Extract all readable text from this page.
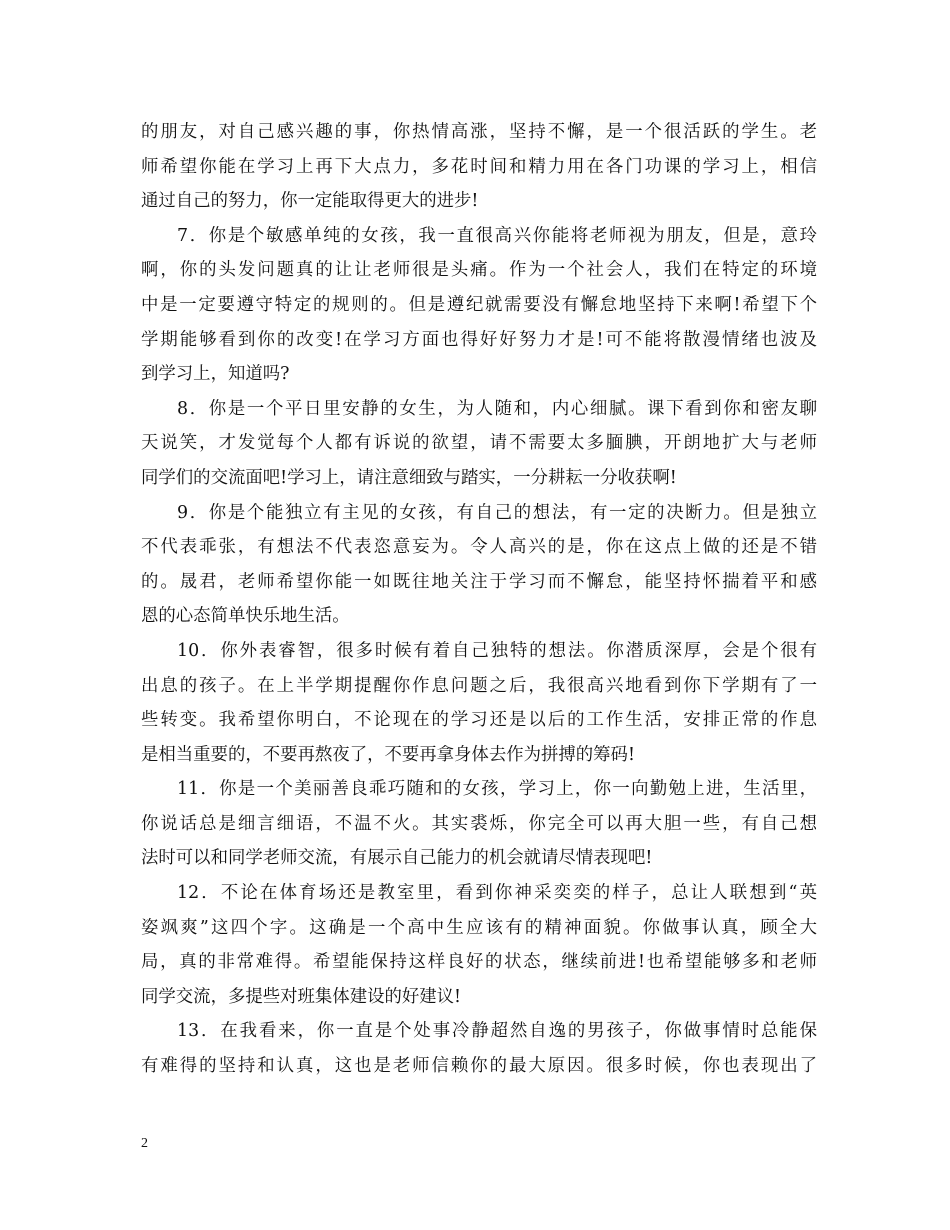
的朋友，对自己感兴趣的事，你热情高涨，坚持不懈，是一个很活跃的学生。老
师希望你能在学习上再下大点力，多花时间和精力用在各门功课的学习上，相信
通过自己的努力，你一定能取得更大的进步!
7．你是个敏感单纯的女孩，我一直很高兴你能将老师视为朋友，但是，意玲
啊，你的头发问题真的让让老师很是头痛。作为一个社会人，我们在特定的环境
中是一定要遵守特定的规则的。但是遵纪就需要没有懈怠地坚持下来啊!希望下个
学期能够看到你的改变!在学习方面也得好好努力才是!可不能将散漫情绪也波及
到学习上，知道吗?
8．你是一个平日里安静的女生，为人随和，内心细腻。课下看到你和密友聊
天说笑，才发觉每个人都有诉说的欲望，请不需要太多腼腆，开朗地扩大与老师
同学们的交流面吧!学习上，请注意细致与踏实，一分耕耘一分收获啊!
9．你是个能独立有主见的女孩，有自己的想法，有一定的决断力。但是独立
不代表乖张，有想法不代表恣意妄为。令人高兴的是，你在这点上做的还是不错
的。晟君，老师希望你能一如既往地关注于学习而不懈怠，能坚持怀揣着平和感
恩的心态简单快乐地生活。
10．你外表睿智，很多时候有着自己独特的想法。你潜质深厚，会是个很有
出息的孩子。在上半学期提醒你作息问题之后，我很高兴地看到你下学期有了一
些转变。我希望你明白，不论现在的学习还是以后的工作生活，安排正常的作息
是相当重要的，不要再熬夜了，不要再拿身体去作为拼搏的筹码!
11．你是一个美丽善良乖巧随和的女孩，学习上，你一向勤勉上进，生活里，
你说话总是细言细语，不温不火。其实裘烁，你完全可以再大胆一些，有自己想
法时可以和同学老师交流，有展示自己能力的机会就请尽情表现吧!
12．不论在体育场还是教室里，看到你神采奕奕的样子，总让人联想到“英
姿飒爽”这四个字。这确是一个高中生应该有的精神面貌。你做事认真，顾全大
局，真的非常难得。希望能保持这样良好的状态，继续前进!也希望能够多和老师
同学交流，多提些对班集体建设的好建议!
13．在我看来，你一直是个处事冷静超然自逸的男孩子，你做事情时总能保
有难得的坚持和认真，这也是老师信赖你的最大原因。很多时候，你也表现出了
2
